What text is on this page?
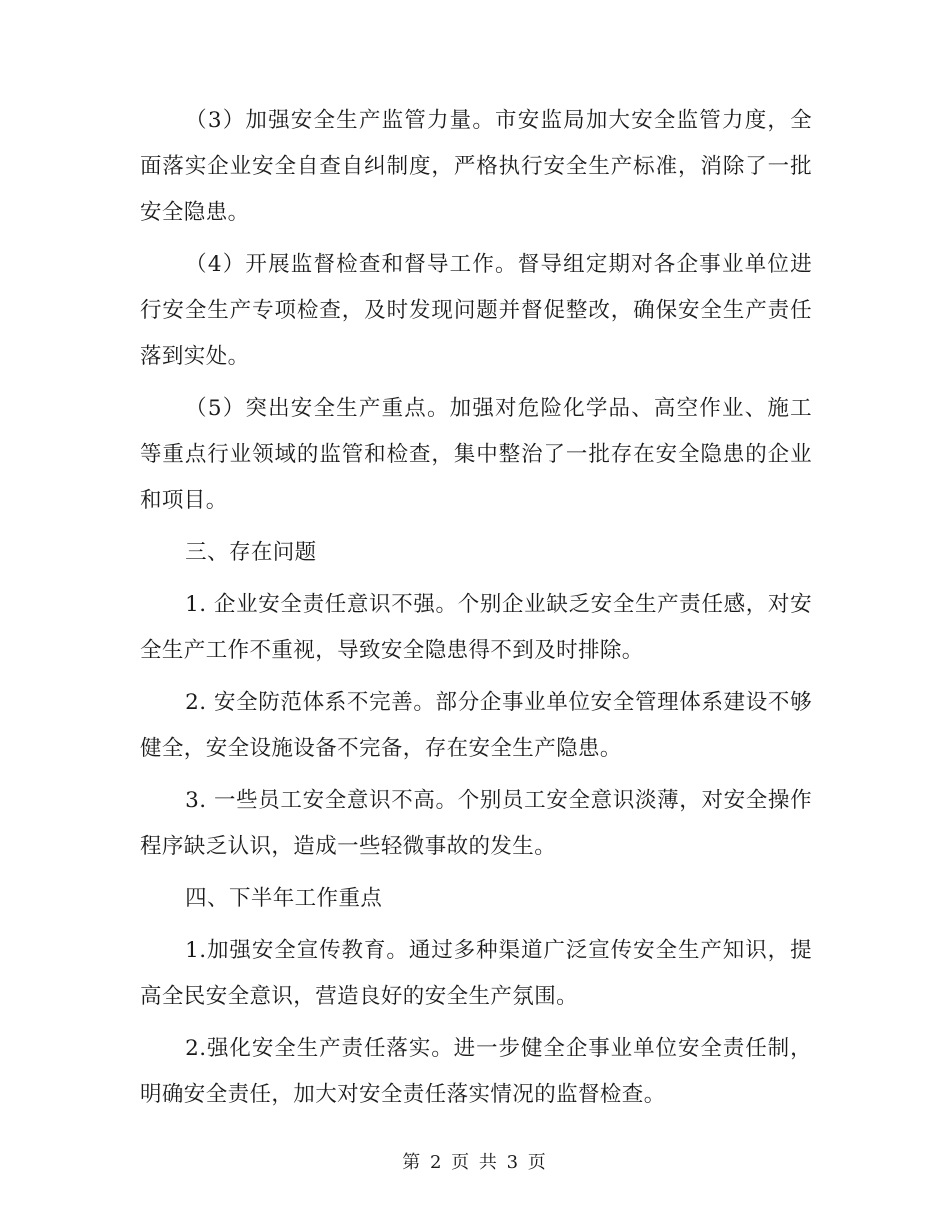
（3）加强安全生产监管力量。市安监局加大安全监管力度，全面落实企业安全自查自纠制度，严格执行安全生产标准，消除了一批安全隐患。

（4）开展监督检查和督导工作。督导组定期对各企事业单位进行安全生产专项检查，及时发现问题并督促整改，确保安全生产责任落到实处。

（5）突出安全生产重点。加强对危险化学品、高空作业、施工等重点行业领域的监管和检查，集中整治了一批存在安全隐患的企业和项目。

三、存在问题

1. 企业安全责任意识不强。个别企业缺乏安全生产责任感，对安全生产工作不重视，导致安全隐患得不到及时排除。

2. 安全防范体系不完善。部分企事业单位安全管理体系建设不够健全，安全设施设备不完备，存在安全生产隐患。

3. 一些员工安全意识不高。个别员工安全意识淡薄，对安全操作程序缺乏认识，造成一些轻微事故的发生。

四、下半年工作重点

1.加强安全宣传教育。通过多种渠道广泛宣传安全生产知识，提高全民安全意识，营造良好的安全生产氛围。

2.强化安全生产责任落实。进一步健全企事业单位安全责任制，明确安全责任，加大对安全责任落实情况的监督检查。

第 2 页 共 3 页
